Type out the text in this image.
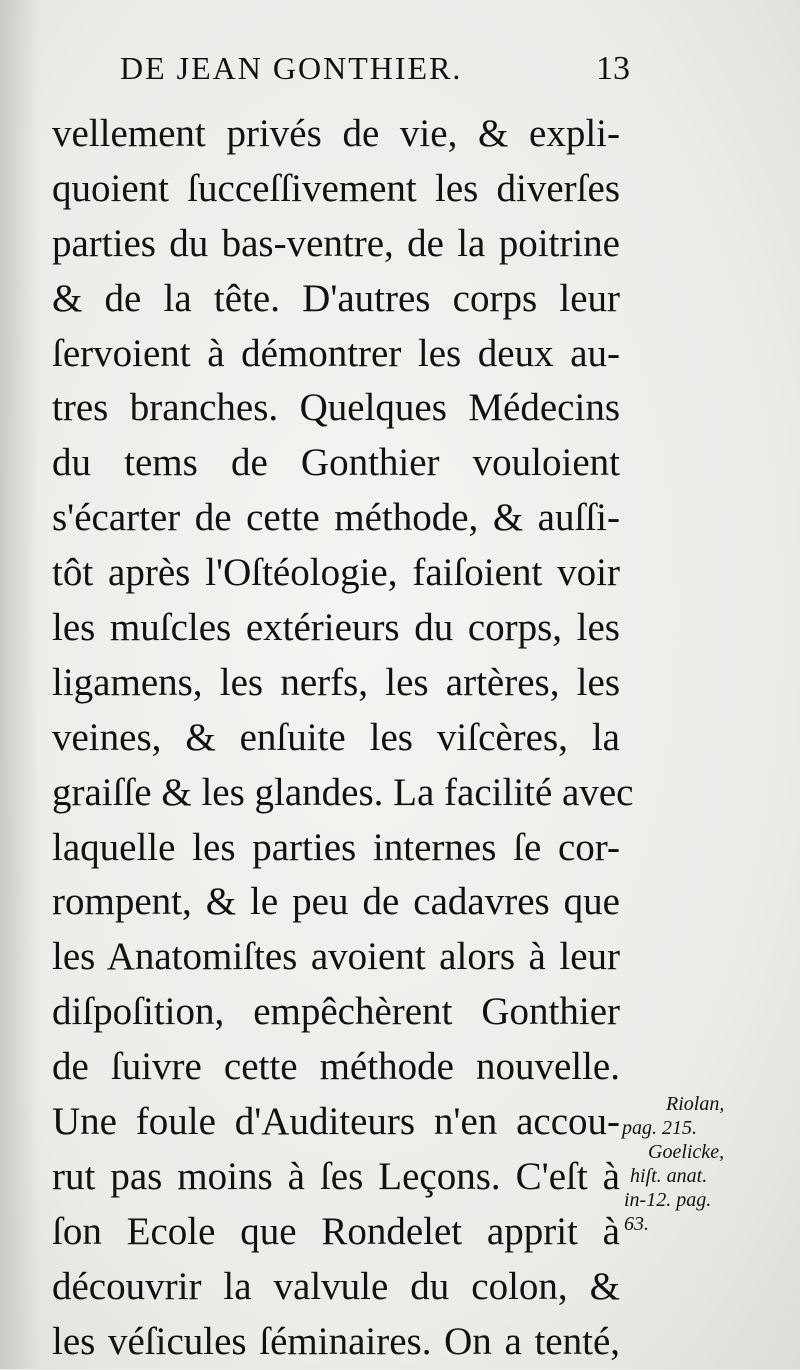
DE JEAN GONTHIER.	13
vellement privés de vie, & expli-
quoient ſucceſſivement les diverſes
parties du bas-ventre, de la poitrine
& de la tête. D'autres corps leur
ſervoient à démontrer les deux au-
tres branches. Quelques Médecins
du tems de Gonthier vouloient
s'écarter de cette méthode, & auſſi-
tôt après l'Oſtéologie, faiſoient voir
les muſcles extérieurs du corps, les
ligamens, les nerfs, les artères, les
veines, & enſuite les viſcères, la
graiſſe & les glandes. La facilité avec
laquelle les parties internes ſe cor-
rompent, & le peu de cadavres que
les Anatomiſtes avoient alors à leur
diſpoſition, empêchèrent Gonthier
de ſuivre cette méthode nouvelle.
Une foule d'Auditeurs n'en accou-
rut pas moins à ſes Leçons. C'eſt à
ſon Ecole que Rondelet apprit à
découvrir la valvule du colon, &
les véſicules ſéminaires. On a tenté,
Riolan,
pag. 215.
Goelicke,
hiſt. anat.
in-12. pag.
63.
